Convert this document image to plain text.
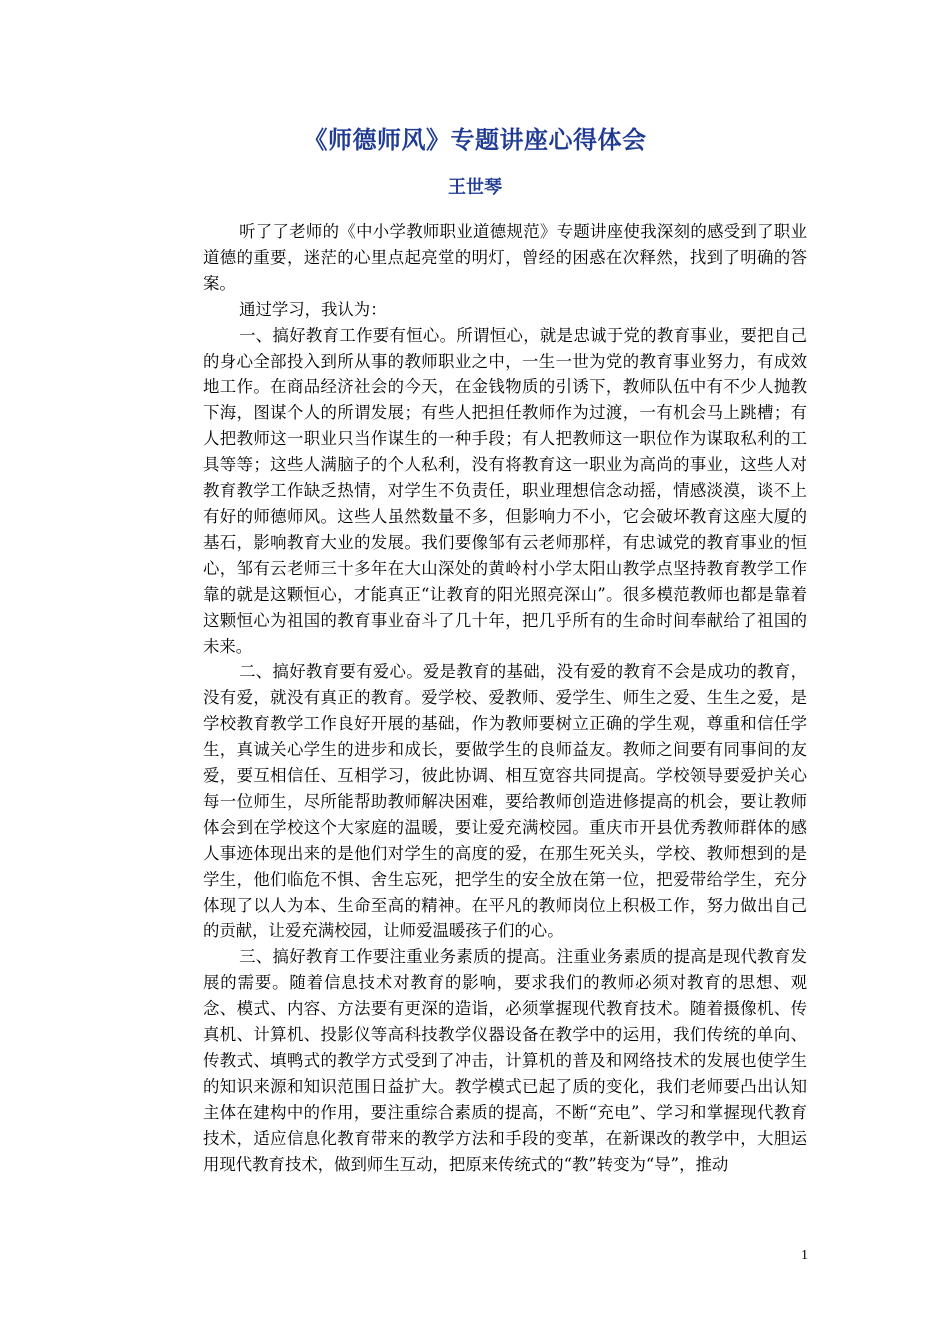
《师德师风》专题讲座心得体会
王世琴

听了了老师的《中小学教师职业道德规范》专题讲座使我深刻的感受到了职业道德的重要，迷茫的心里点起亮堂的明灯，曾经的困惑在次释然，找到了明确的答案。

通过学习，我认为：

一、搞好教育工作要有恒心。所谓恒心，就是忠诚于党的教育事业，要把自己的身心全部投入到所从事的教师职业之中，一生一世为党的教育事业努力，有成效地工作。在商品经济社会的今天，在金钱物质的引诱下，教师队伍中有不少人抛教下海，图谋个人的所谓发展；有些人把担任教师作为过渡，一有机会马上跳槽；有人把教师这一职业只当作谋生的一种手段；有人把教师这一职位作为谋取私利的工具等等；这些人满脑子的个人私利，没有将教育这一职业为高尚的事业，这些人对教育教学工作缺乏热情，对学生不负责任，职业理想信念动摇，情感淡漠，谈不上有好的师德师风。这些人虽然数量不多，但影响力不小，它会破坏教育这座大厦的基石，影响教育大业的发展。我们要像邹有云老师那样，有忠诚党的教育事业的恒心，邹有云老师三十多年在大山深处的黄岭村小学太阳山教学点坚持教育教学工作靠的就是这颗恒心，才能真正“让教育的阳光照亮深山”。很多模范教师也都是靠着这颗恒心为祖国的教育事业奋斗了几十年，把几乎所有的生命时间奉献给了祖国的未来。

二、搞好教育要有爱心。爱是教育的基础，没有爱的教育不会是成功的教育，没有爱，就没有真正的教育。爱学校、爱教师、爱学生、师生之爱、生生之爱，是学校教育教学工作良好开展的基础，作为教师要树立正确的学生观，尊重和信任学生，真诚关心学生的进步和成长，要做学生的良师益友。教师之间要有同事间的友爱，要互相信任、互相学习，彼此协调、相互宽容共同提高。学校领导要爱护关心每一位师生，尽所能帮助教师解决困难，要给教师创造进修提高的机会，要让教师体会到在学校这个大家庭的温暖，要让爱充满校园。重庆市开县优秀教师群体的感人事迹体现出来的是他们对学生的高度的爱，在那生死关头，学校、教师想到的是学生，他们临危不惧、舍生忘死，把学生的安全放在第一位，把爱带给学生，充分体现了以人为本、生命至高的精神。在平凡的教师岗位上积极工作，努力做出自己的贡献，让爱充满校园，让师爱温暖孩子们的心。

三、搞好教育工作要注重业务素质的提高。注重业务素质的提高是现代教育发展的需要。随着信息技术对教育的影响，要求我们的教师必须对教育的思想、观念、模式、内容、方法要有更深的造诣，必须掌握现代教育技术。随着摄像机、传真机、计算机、投影仪等高科技教学仪器设备在教学中的运用，我们传统的单向、传教式、填鸭式的教学方式受到了冲击，计算机的普及和网络技术的发展也使学生的知识来源和知识范围日益扩大。教学模式已起了质的变化，我们老师要凸出认知主体在建构中的作用，要注重综合素质的提高，不断“充电”、学习和掌握现代教育技术，适应信息化教育带来的教学方法和手段的变革，在新课改的教学中，大胆运用现代教育技术，做到师生互动，把原来传统式的“教”转变为“导”，推动

1
